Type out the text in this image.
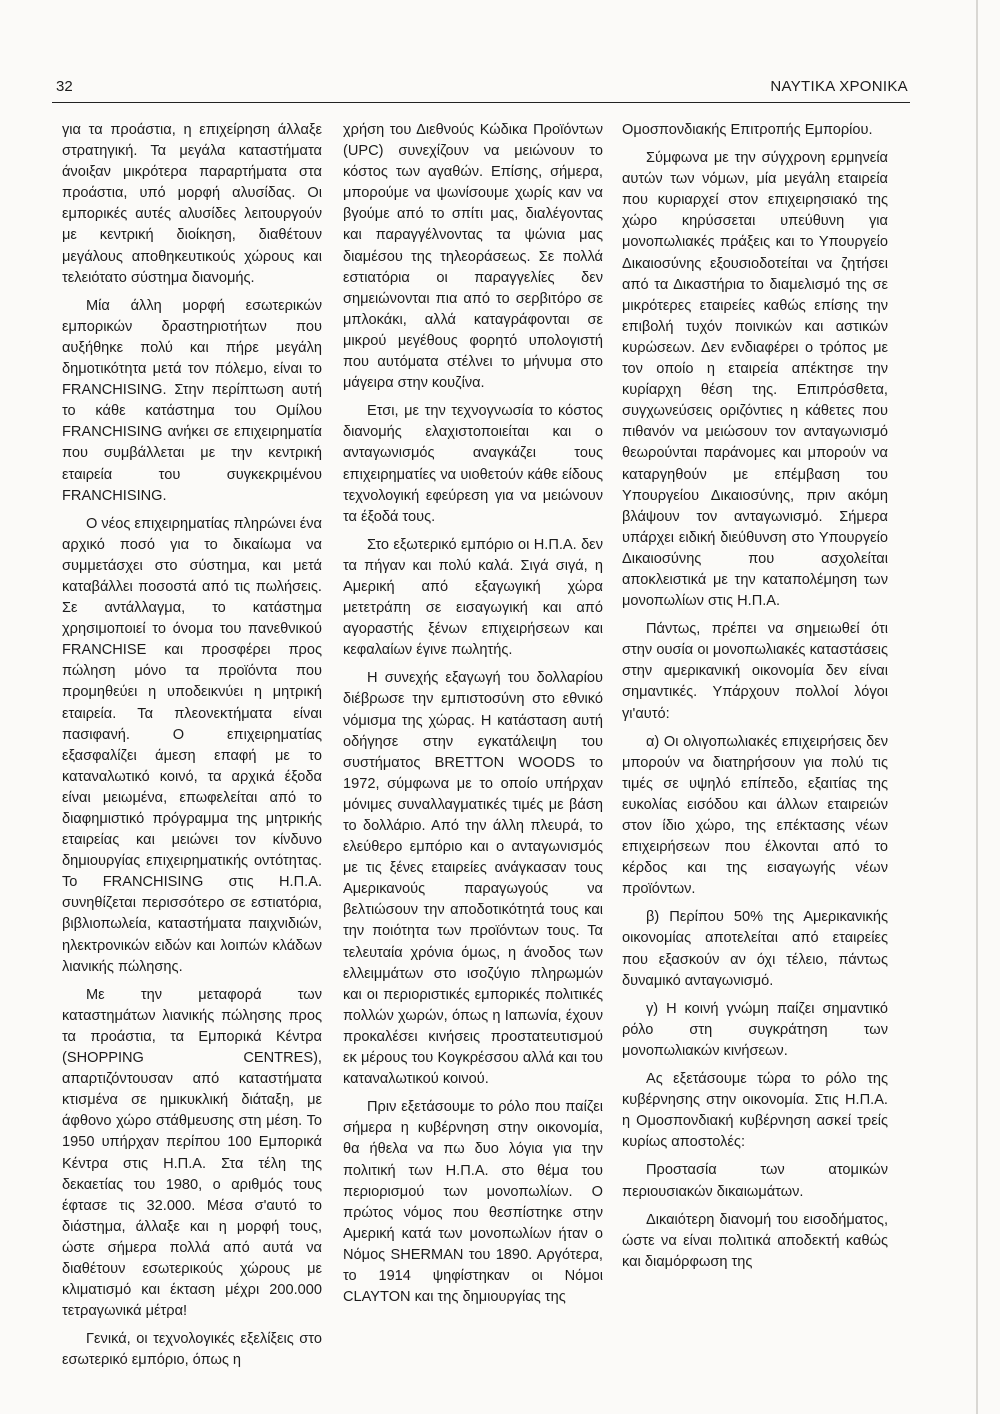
32	ΝΑΥΤΙΚΑ ΧΡΟΝΙΚΑ

για τα προάστια, η επιχείρηση άλλαξε στρατηγική. Τα μεγάλα καταστήματα άνοιξαν μικρότερα παραρτήματα στα προάστια, υπό μορφή αλυσίδας. Οι εμπορικές αυτές αλυσίδες λειτουργούν με κεντρική διοίκηση, διαθέτουν μεγάλους αποθηκευτικούς χώρους και τελειότατο σύστημα διανομής.

Μία άλλη μορφή εσωτερικών εμπορικών δραστηριοτήτων που αυξήθηκε πολύ και πήρε μεγάλη δημοτικότητα μετά τον πόλεμο, είναι το FRANCHISING. Στην περίπτωση αυτή το κάθε κατάστημα του Ομίλου FRANCHISING ανήκει σε επιχειρηματία που συμβάλλεται με την κεντρική εταιρεία του συγκεκριμένου FRANCHISING.

Ο νέος επιχειρηματίας πληρώνει ένα αρχικό ποσό για το δικαίωμα να συμμετάσχει στο σύστημα, και μετά καταβάλλει ποσοστά από τις πωλήσεις. Σε αντάλλαγμα, το κατάστημα χρησιμοποιεί το όνομα του πανεθνικού FRANCHISE και προσφέρει προς πώληση μόνο τα προϊόντα που προμηθεύει η υποδεικνύει η μητρική εταιρεία. Τα πλεονεκτήματα είναι πασιφανή. Ο επιχειρηματίας εξασφαλίζει άμεση επαφή με το καταναλωτικό κοινό, τα αρχικά έξοδα είναι μειωμένα, επωφελείται από το διαφημιστικό πρόγραμμα της μητρικής εταιρείας και μειώνει τον κίνδυνο δημιουργίας επιχειρηματικής οντότητας. Το FRANCHISING στις Η.Π.Α. συνηθίζεται περισσότερο σε εστιατόρια, βιβλιοπωλεία, καταστήματα παιχνιδιών, ηλεκτρονικών ειδών και λοιπών κλάδων λιανικής πώλησης.

Με την μεταφορά των καταστημάτων λιανικής πώλησης προς τα προάστια, τα Εμπορικά Κέντρα (SHOPPING CENTRES), απαρτιζόντουσαν από καταστήματα κτισμένα σε ημικυκλική διάταξη, με άφθονο χώρο στάθμευσης στη μέση. Το 1950 υπήρχαν περίπου 100 Εμπορικά Κέντρα στις Η.Π.Α. Στα τέλη της δεκαετίας του 1980, ο αριθμός τους έφτασε τις 32.000. Μέσα σ'αυτό το διάστημα, άλλαξε και η μορφή τους, ώστε σήμερα πολλά από αυτά να διαθέτουν εσωτερικούς χώρους με κλιματισμό και έκταση μέχρι 200.000 τετραγωνικά μέτρα!

Γενικά, οι τεχνολογικές εξελίξεις στο εσωτερικό εμπόριο, όπως η

χρήση του Διεθνούς Κώδικα Προϊόντων (UPC) συνεχίζουν να μειώνουν το κόστος των αγαθών. Επίσης, σήμερα, μπορούμε να ψωνίσουμε χωρίς καν να βγούμε από το σπίτι μας, διαλέγοντας και παραγγέλνοντας τα ψώνια μας διαμέσου της τηλεοράσεως. Σε πολλά εστιατόρια οι παραγγελίες δεν σημειώνονται πια από το σερβιτόρο σε μπλοκάκι, αλλά καταγράφονται σε μικρού μεγέθους φορητό υπολογιστή που αυτόματα στέλνει το μήνυμα στο μάγειρα στην κουζίνα.

Ετσι, με την τεχνογνωσία το κόστος διανομής ελαχιστοποιείται και ο ανταγωνισμός αναγκάζει τους επιχειρηματίες να υιοθετούν κάθε είδους τεχνολογική εφεύρεση για να μειώνουν τα έξοδά τους.

Στο εξωτερικό εμπόριο οι Η.Π.Α. δεν τα πήγαν και πολύ καλά. Σιγά σιγά, η Αμερική από εξαγωγική χώρα μετετράπη σε εισαγωγική και από αγοραστής ξένων επιχειρήσεων και κεφαλαίων έγινε πωλητής.

Η συνεχής εξαγωγή του δολλαρίου διέβρωσε την εμπιστοσύνη στο εθνικό νόμισμα της χώρας. Η κατάσταση αυτή οδήγησε στην εγκατάλειψη του συστήματος BRETTON WOODS το 1972, σύμφωνα με το οποίο υπήρχαν μόνιμες συναλλαγματικές τιμές με βάση το δολλάριο. Από την άλλη πλευρά, το ελεύθερο εμπόριο και ο ανταγωνισμός με τις ξένες εταιρείες ανάγκασαν τους Αμερικανούς παραγωγούς να βελτιώσουν την αποδοτικότητά τους και την ποιότητα των προϊόντων τους. Τα τελευταία χρόνια όμως, η άνοδος των ελλειμμάτων στο ισοζύγιο πληρωμών και οι περιοριστικές εμπορικές πολιτικές πολλών χωρών, όπως η Ιαπωνία, έχουν προκαλέσει κινήσεις προστατευτισμού εκ μέρους του Κογκρέσσου αλλά και του καταναλωτικού κοινού.

Πριν εξετάσουμε το ρόλο που παίζει σήμερα η κυβέρνηση στην οικονομία, θα ήθελα να πω δυο λόγια για την πολιτική των Η.Π.Α. στο θέμα του περιορισμού των μονοπωλίων. Ο πρώτος νόμος που θεσπίστηκε στην Αμερική κατά των μονοπωλίων ήταν ο Νόμος SHERMAN του 1890. Αργότερα, το 1914 ψηφίστηκαν οι Νόμοι CLAYTON και της δημιουργίας της

Ομοσπονδιακής Επιτροπής Εμπορίου.

Σύμφωνα με την σύγχρονη ερμηνεία αυτών των νόμων, μία μεγάλη εταιρεία που κυριαρχεί στον επιχειρησιακό της χώρο κηρύσσεται υπεύθυνη για μονοπωλιακές πράξεις και το Υπουργείο Δικαιοσύνης εξουσιοδοτείται να ζητήσει από τα Δικαστήρια το διαμελισμό της σε μικρότερες εταιρείες καθώς επίσης την επιβολή τυχόν ποινικών και αστικών κυρώσεων. Δεν ενδιαφέρει ο τρόπος με τον οποίο η εταιρεία απέκτησε την κυρίαρχη θέση της. Επιπρόσθετα, συγχωνεύσεις οριζόντιες η κάθετες που πιθανόν να μειώσουν τον ανταγωνισμό θεωρούνται παράνομες και μπορούν να καταργηθούν με επέμβαση του Υπουργείου Δικαιοσύνης, πριν ακόμη βλάψουν τον ανταγωνισμό. Σήμερα υπάρχει ειδική διεύθυνση στο Υπουργείο Δικαιοσύνης που ασχολείται αποκλειστικά με την καταπολέμηση των μονοπωλίων στις Η.Π.Α.

Πάντως, πρέπει να σημειωθεί ότι στην ουσία οι μονοπωλιακές καταστάσεις στην αμερικανική οικονομία δεν είναι σημαντικές. Υπάρχουν πολλοί λόγοι γι'αυτό:

α) Οι ολιγοπωλιακές επιχειρήσεις δεν μπορούν να διατηρήσουν για πολύ τις τιμές σε υψηλό επίπεδο, εξαιτίας της ευκολίας εισόδου και άλλων εταιρειών στον ίδιο χώρο, της επέκτασης νέων επιχειρήσεων που έλκονται από το κέρδος και της εισαγωγής νέων προϊόντων.

β) Περίπου 50% της Αμερικανικής οικονομίας αποτελείται από εταιρείες που εξασκούν αν όχι τέλειο, πάντως δυναμικό ανταγωνισμό.

γ) Η κοινή γνώμη παίζει σημαντικό ρόλο στη συγκράτηση των μονοπωλιακών κινήσεων.

Ας εξετάσουμε τώρα το ρόλο της κυβέρνησης στην οικονομία. Στις Η.Π.Α. η Ομοσπονδιακή κυβέρνηση ασκεί τρείς κυρίως αποστολές:

Προστασία των ατομικών περιουσιακών δικαιωμάτων.

Δικαιότερη διανομή του εισοδήματος, ώστε να είναι πολιτικά αποδεκτή καθώς και διαμόρφωση της
